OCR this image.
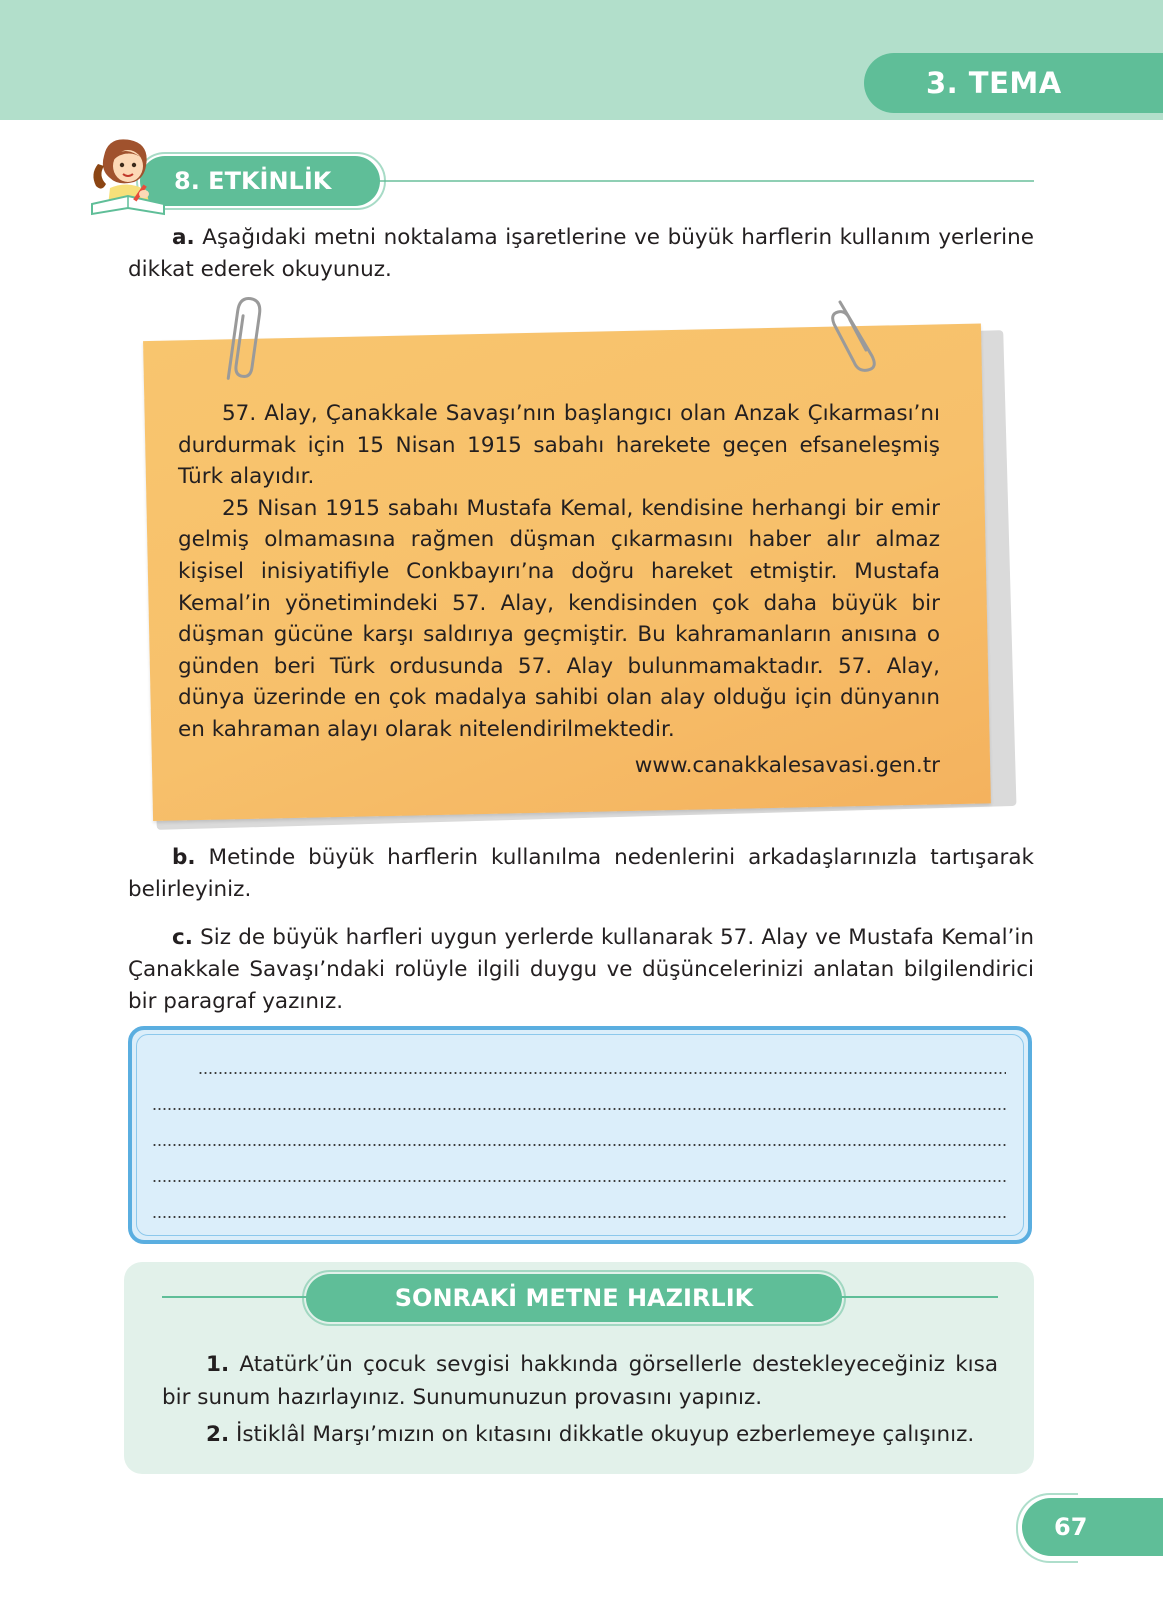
3. TEMA
8. ETKİNLİK

a. Aşağıdaki metni noktalama işaretlerine ve büyük harflerin kullanım yerlerine dikkat ederek okuyunuz.

57. Alay, Çanakkale Savaşı’nın başlangıcı olan Anzak Çıkarması’nı durdurmak için 15 Nisan 1915 sabahı harekete geçen efsaneleşmiş Türk alayıdır.

25 Nisan 1915 sabahı Mustafa Kemal, kendisine herhangi bir emir gelmiş olmamasına rağmen düşman çıkarmasını haber alır almaz kişisel inisiyatifiyle Conkbayırı’na doğru hareket etmiştir. Mustafa Kemal’in yönetimindeki 57. Alay, kendisinden çok daha büyük bir düşman gücüne karşı saldırıya geçmiştir. Bu kahramanların anısına o günden beri Türk ordusunda 57. Alay bulunmamaktadır. 57. Alay, dünya üzerinde en çok madalya sahibi olan alay olduğu için dünyanın en kahraman alayı olarak nitelendirilmektedir.

www.canakkalesavasi.gen.tr

b. Metinde büyük harflerin kullanılma nedenlerini arkadaşlarınızla tartışarak belirleyiniz.

c. Siz de büyük harfleri uygun yerlerde kullanarak 57. Alay ve Mustafa Kemal’in Çanakkale Savaşı’ndaki rolüyle ilgili duygu ve düşüncelerinizi anlatan bilgilendirici bir paragraf yazınız.

SONRAKİ METNE HAZIRLIK

1. Atatürk’ün çocuk sevgisi hakkında görsellerle destekleyeceğiniz kısa bir sunum hazırlayınız. Sunumunuzun provasını yapınız.

2. İstiklâl Marşı’mızın on kıtasını dikkatle okuyup ezberlemeye çalışınız.

67
